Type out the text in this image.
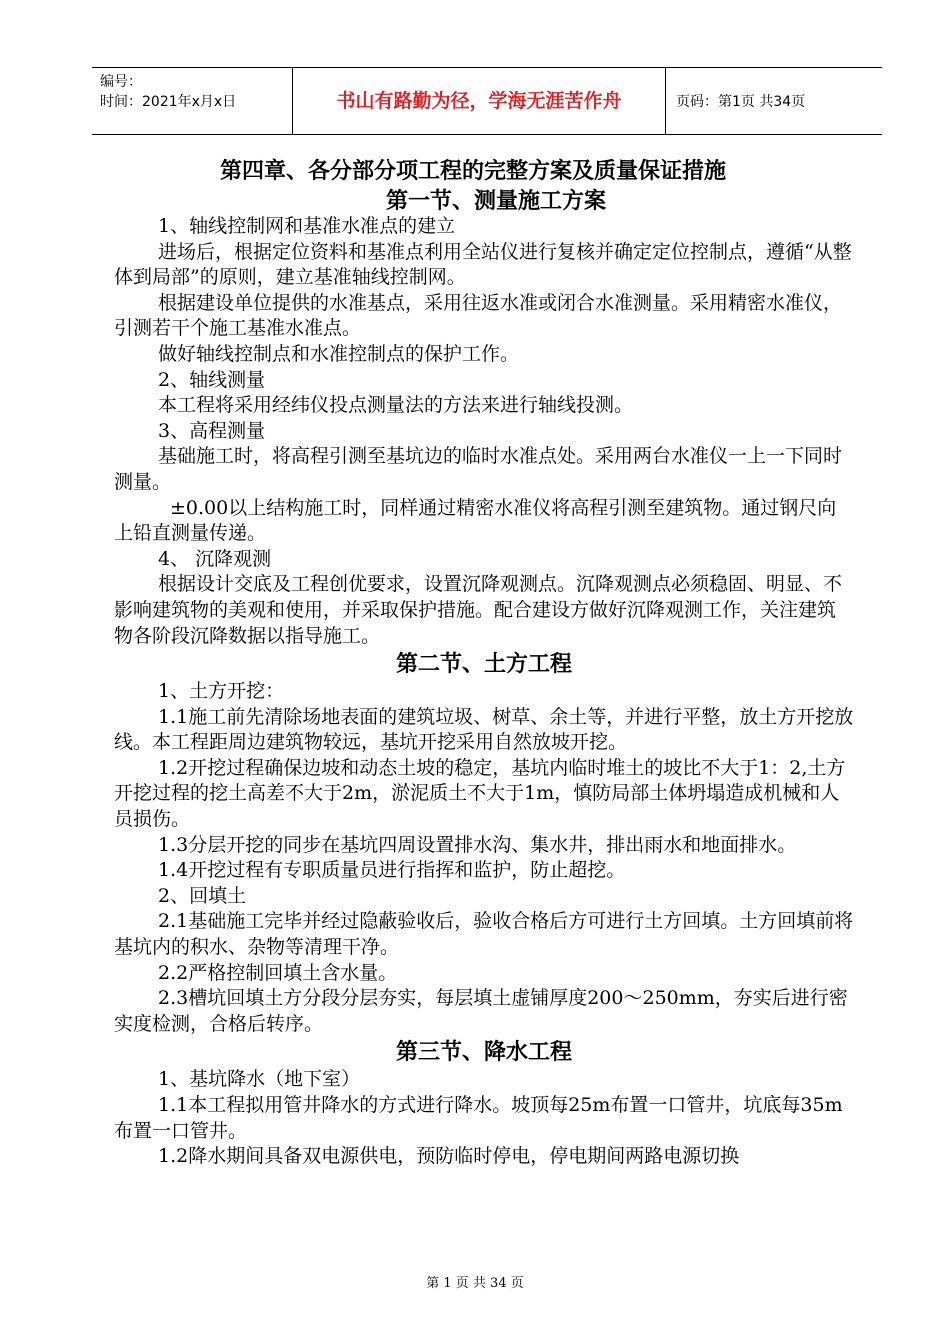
编号：
时间：2021年x月x日	书山有路勤为径，学海无涯苦作舟	页码：第1页 共34页
第四章、各分部分项工程的完整方案及质量保证措施
第一节、测量施工方案

1、轴线控制网和基准水准点的建立

进场后，根据定位资料和基准点利用全站仪进行复核并确定定位控制点，遵循“从整体到局部”的原则，建立基准轴线控制网。

根据建设单位提供的水准基点，采用往返水准或闭合水准测量。采用精密水准仪，引测若干个施工基准水准点。

做好轴线控制点和水准控制点的保护工作。

2、轴线测量

本工程将采用经纬仪投点测量法的方法来进行轴线投测。

3、高程测量

基础施工时，将高程引测至基坑边的临时水准点处。采用两台水准仪一上一下同时测量。

±0.00以上结构施工时，同样通过精密水准仪将高程引测至建筑物。通过钢尺向上铅直测量传递。

4、 沉降观测

根据设计交底及工程创优要求，设置沉降观测点。沉降观测点必须稳固、明显、不影响建筑物的美观和使用，并采取保护措施。配合建设方做好沉降观测工作，关注建筑物各阶段沉降数据以指导施工。

第二节、土方工程

1、土方开挖：

1.1施工前先清除场地表面的建筑垃圾、树草、余土等，并进行平整，放土方开挖放线。本工程距周边建筑物较远，基坑开挖采用自然放坡开挖。

1.2开挖过程确保边坡和动态土坡的稳定，基坑内临时堆土的坡比不大于1：2,土方开挖过程的挖土高差不大于2m，淤泥质土不大于1m，慎防局部土体坍塌造成机械和人员损伤。

1.3分层开挖的同步在基坑四周设置排水沟、集水井，排出雨水和地面排水。

1.4开挖过程有专职质量员进行指挥和监护，防止超挖。

2、回填土

2.1基础施工完毕并经过隐蔽验收后，验收合格后方可进行土方回填。土方回填前将基坑内的积水、杂物等清理干净。

2.2严格控制回填土含水量。

2.3槽坑回填土方分段分层夯实，每层填土虚铺厚度200～250mm，夯实后进行密实度检测，合格后转序。

第三节、降水工程

1、基坑降水（地下室）

1.1本工程拟用管井降水的方式进行降水。坡顶每25m布置一口管井，坑底每35m布置一口管井。

1.2降水期间具备双电源供电，预防临时停电，停电期间两路电源切换

第 1 页 共 34 页
